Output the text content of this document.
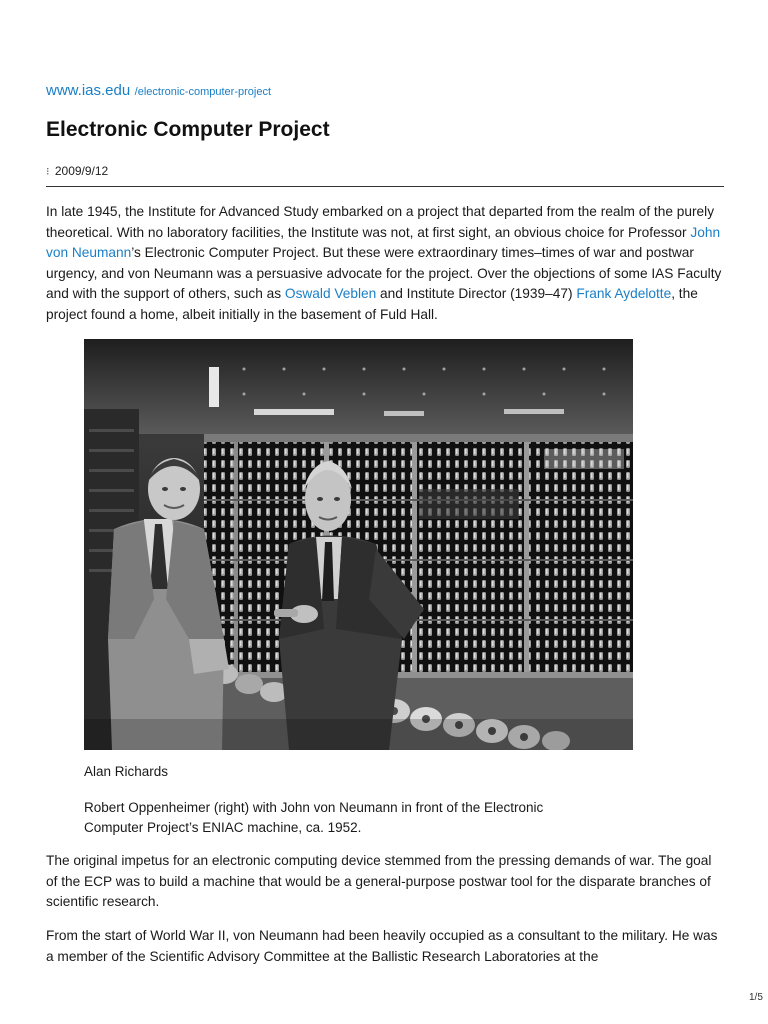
www.ias.edu /electronic-computer-project
Electronic Computer Project
⁝ 2009/9/12

In late 1945, the Institute for Advanced Study embarked on a project that departed from the realm of the purely theoretical. With no laboratory facilities, the Institute was not, at first sight, an obvious choice for Professor John von Neumann’s Electronic Computer Project. But these were extraordinary times–times of war and postwar urgency, and von Neumann was a persuasive advocate for the project. Over the objections of some IAS Faculty and with the support of others, such as Oswald Veblen and Institute Director (1939–47) Frank Aydelotte, the project found a home, albeit initially in the basement of Fuld Hall.

Alan Richards

Robert Oppenheimer (right) with John von Neumann in front of the Electronic Computer Project’s ENIAC machine, ca. 1952.

The original impetus for an electronic computing device stemmed from the pressing demands of war. The goal of the ECP was to build a machine that would be a general-purpose postwar tool for the disparate branches of scientific research.

From the start of World War II, von Neumann had been heavily occupied as a consultant to the military. He was a member of the Scientific Advisory Committee at the Ballistic Research Laboratories at the

1/5
